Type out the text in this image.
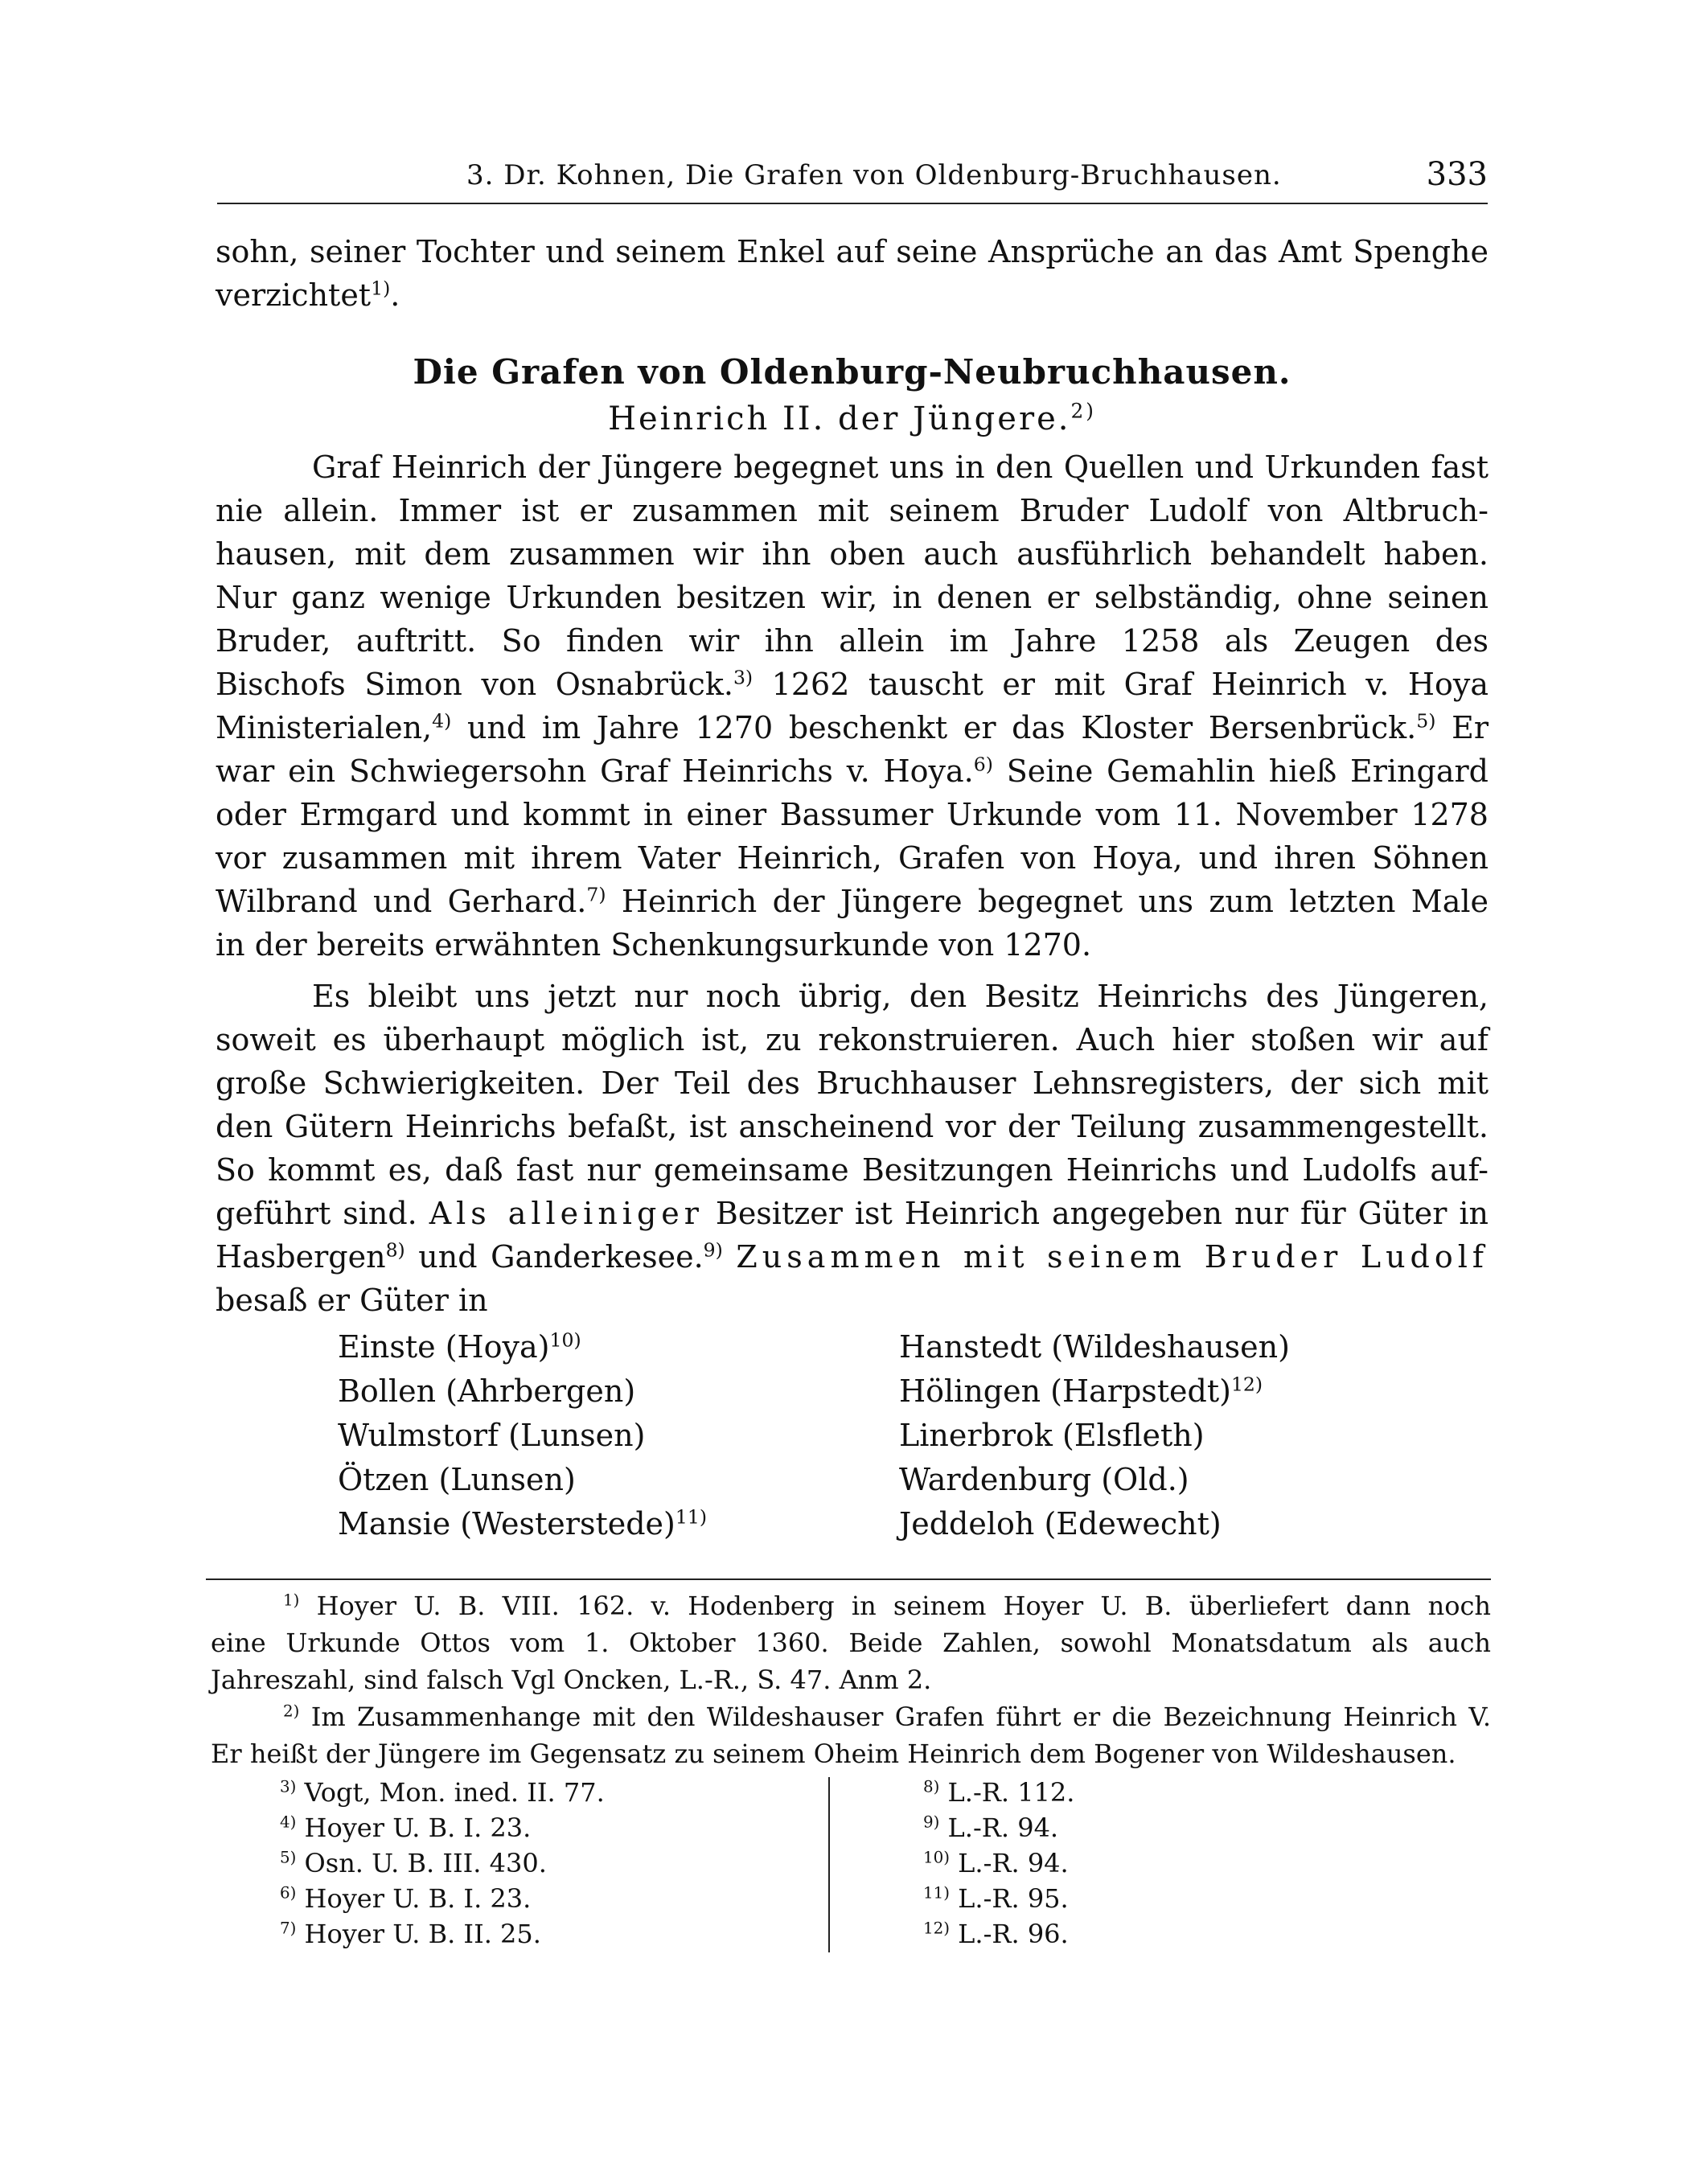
3. Dr. Kohnen, Die Grafen von Oldenburg-Bruchhausen.	333
sohn, seiner Tochter und seinem Enkel auf seine Ansprüche an das Amt Spenghe
verzichtet$^{1)}$.
Die Grafen von Oldenburg-Neubruchhausen.
Heinrich II. der Jüngere.$^{2)}$
Graf Heinrich der Jüngere begegnet uns in den Quellen und Urkunden fast
nie allein. Immer ist er zusammen mit seinem Bruder Ludolf von Altbruch-
hausen, mit dem zusammen wir ihn oben auch ausführlich behandelt haben.
Nur ganz wenige Urkunden besitzen wir, in denen er selbständig, ohne seinen
Bruder, auftritt. So finden wir ihn allein im Jahre 1258 als Zeugen des
Bischofs Simon von Osnabrück.$^{3)}$ 1262 tauscht er mit Graf Heinrich v. Hoya
Ministerialen,$^{4)}$ und im Jahre 1270 beschenkt er das Kloster Bersenbrück.$^{5)}$ Er
war ein Schwiegersohn Graf Heinrichs v. Hoya.$^{6)}$ Seine Gemahlin hieß Eringard
oder Ermgard und kommt in einer Bassumer Urkunde vom 11. November 1278
vor zusammen mit ihrem Vater Heinrich, Grafen von Hoya, und ihren Söhnen
Wilbrand und Gerhard.$^{7)}$ Heinrich der Jüngere begegnet uns zum letzten Male
in der bereits erwähnten Schenkungsurkunde von 1270.
Es bleibt uns jetzt nur noch übrig, den Besitz Heinrichs des Jüngeren,
soweit es überhaupt möglich ist, zu rekonstruieren. Auch hier stoßen wir auf
große Schwierigkeiten. Der Teil des Bruchhauser Lehnsregisters, der sich mit
den Gütern Heinrichs befaßt, ist anscheinend vor der Teilung zusammengestellt.
So kommt es, daß fast nur gemeinsame Besitzungen Heinrichs und Ludolfs auf-
geführt sind. Als alleiniger Besitzer ist Heinrich angegeben nur für Güter in
Hasbergen$^{8)}$ und Ganderkesee.$^{9)}$ Zusammen mit seinem Bruder Ludolf
besaß er Güter in
Einste (Hoya)$^{10)}$
Bollen (Ahrbergen)
Wulmstorf (Lunsen)
Ötzen (Lunsen)
Mansie (Westerstede)$^{11)}$
Hanstedt (Wildeshausen)
Hölingen (Harpstedt)$^{12)}$
Linerbrok (Elsfleth)
Wardenburg (Old.)
Jeddeloh (Edewecht)
$^{1)}$ Hoyer U. B. VIII. 162. v. Hodenberg in seinem Hoyer U. B. überliefert dann noch
eine Urkunde Ottos vom 1. Oktober 1360. Beide Zahlen, sowohl Monatsdatum als auch
Jahreszahl, sind falsch Vgl Oncken, L.-R., S. 47. Anm 2.
$^{2)}$ Im Zusammenhange mit den Wildeshauser Grafen führt er die Bezeichnung Heinrich V.
Er heißt der Jüngere im Gegensatz zu seinem Oheim Heinrich dem Bogener von Wildeshausen.
$^{3)}$ Vogt, Mon. ined. II. 77.
$^{4)}$ Hoyer U. B. I. 23.
$^{5)}$ Osn. U. B. III. 430.
$^{6)}$ Hoyer U. B. I. 23.
$^{7)}$ Hoyer U. B. II. 25.
$^{8)}$ L.-R. 112.
$^{9)}$ L.-R. 94.
$^{10)}$ L.-R. 94.
$^{11)}$ L.-R. 95.
$^{12)}$ L.-R. 96.
